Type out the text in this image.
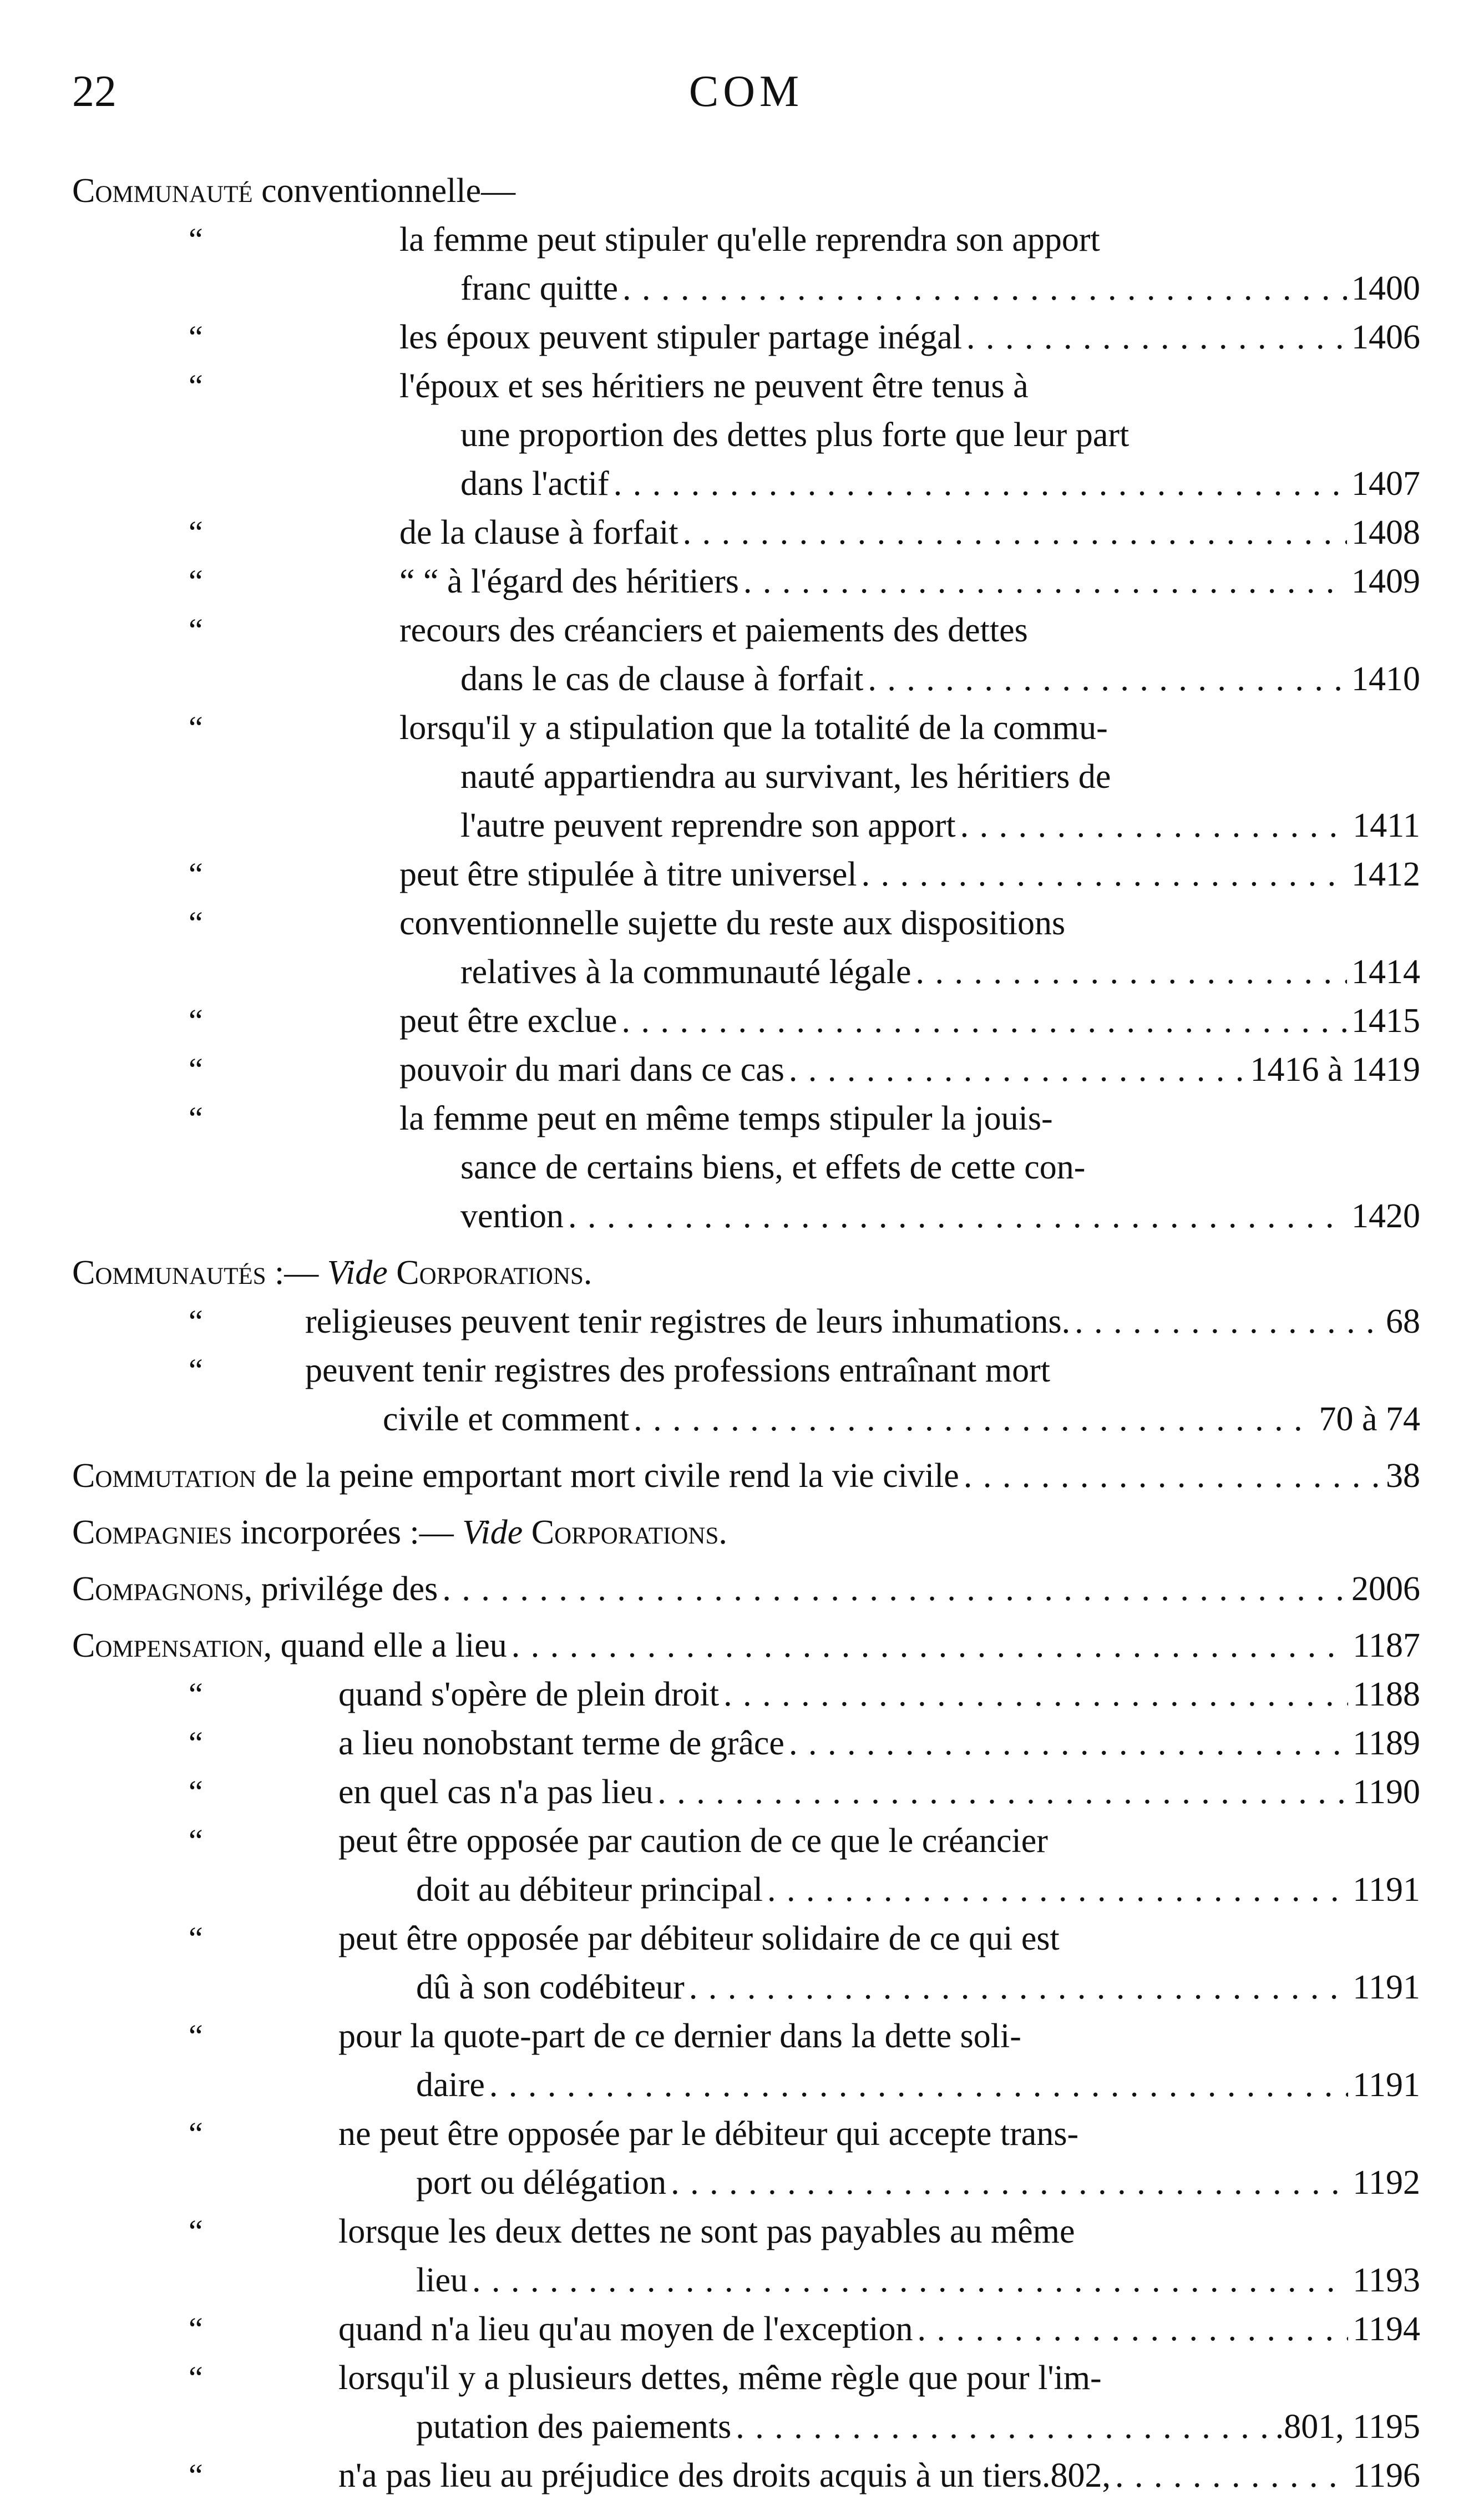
22	COM
Communauté conventionnelle—
“	la femme peut stipuler qu'elle reprendra son apport
franc quitte . . .	1400
“	les époux peuvent stipuler partage inégal . . .	1406
“	l'époux et ses héritiers ne peuvent être tenus à
une proportion des dettes plus forte que leur part
dans l'actif . . .	1407
“	de la clause à forfait . . .	1408
“	“ “ à l'égard des héritiers . . .	1409
“	recours des créanciers et paiements des dettes
dans le cas de clause à forfait . . .	1410
“	lorsqu'il y a stipulation que la totalité de la commu-
nauté appartiendra au survivant, les héritiers de
l'autre peuvent reprendre son apport . . .	1411
“	peut être stipulée à titre universel . . .	1412
“	conventionnelle sujette du reste aux dispositions
relatives à la communauté légale . . .	1414
“	peut être exclue . . .	1415
“	pouvoir du mari dans ce cas . . .	1416 à 1419
“	la femme peut en même temps stipuler la jouis-
sance de certains biens, et effets de cette con-
vention . . .	1420
Communautés :— Vide Corporations.
“	religieuses peuvent tenir registres de leurs inhumations. . . .	68
“	peuvent tenir registres des professions entraînant mort
civile et comment . . .	70 à 74
Commutation de la peine emportant mort civile rend la vie civile . . .	38
Compagnies incorporées :— Vide Corporations.
Compagnons, privilége des . . .	2006
Compensation, quand elle a lieu . . .	1187
“	quand s'opère de plein droit . . .	1188
“	a lieu nonobstant terme de grâce . . .	1189
“	en quel cas n'a pas lieu . . .	1190
“	peut être opposée par caution de ce que le créancier
doit au débiteur principal . . .	1191
“	peut être opposée par débiteur solidaire de ce qui est
dû à son codébiteur . . .	1191
“	pour la quote-part de ce dernier dans la dette soli-
daire . . .	1191
“	ne peut être opposée par le débiteur qui accepte trans-
port ou délégation . . .	1192
“	lorsque les deux dettes ne sont pas payables au même
lieu . . .	1193
“	quand n'a lieu qu'au moyen de l'exception . . .	1194
“	lorsqu'il y a plusieurs dettes, même règle que pour l'im-
putation des paiements . . .	.801, 1195
“	n'a pas lieu au préjudice des droits acquis à un tiers.802, . . .	1196
